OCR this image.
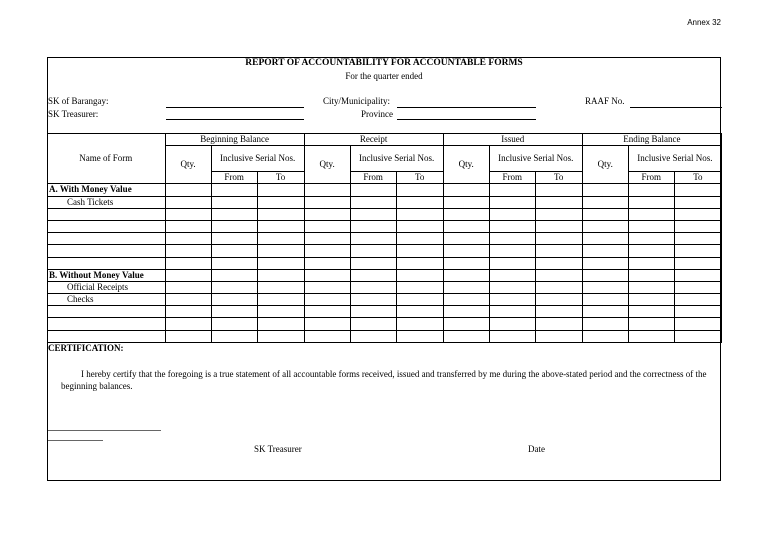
Annex 32
REPORT OF ACCOUNTABILITY FOR ACCOUNTABLE FORMS
For the quarter ended
SK of Barangay:
SK Treasurer:
City/Municipality:
Province
RAAF No.
Name of Form	Beginning Balance			Receipt			Issued			Ending Balance		
	Qty.	Inclusive Serial Nos.		Qty.	Inclusive Serial Nos.		Qty.	Inclusive Serial Nos.		Qty.	Inclusive Serial Nos.	
		From	To		From	To		From	To		From	To
A. With Money Value												
Cash Tickets												

B. Without Money Value												
Official Receipts												
Checks												

CERTIFICATION:
I hereby certify that the foregoing is a true statement of all accountable forms received, issued and transferred by me during the above-stated period and the correctness of the beginning balances.
SK Treasurer	Date
